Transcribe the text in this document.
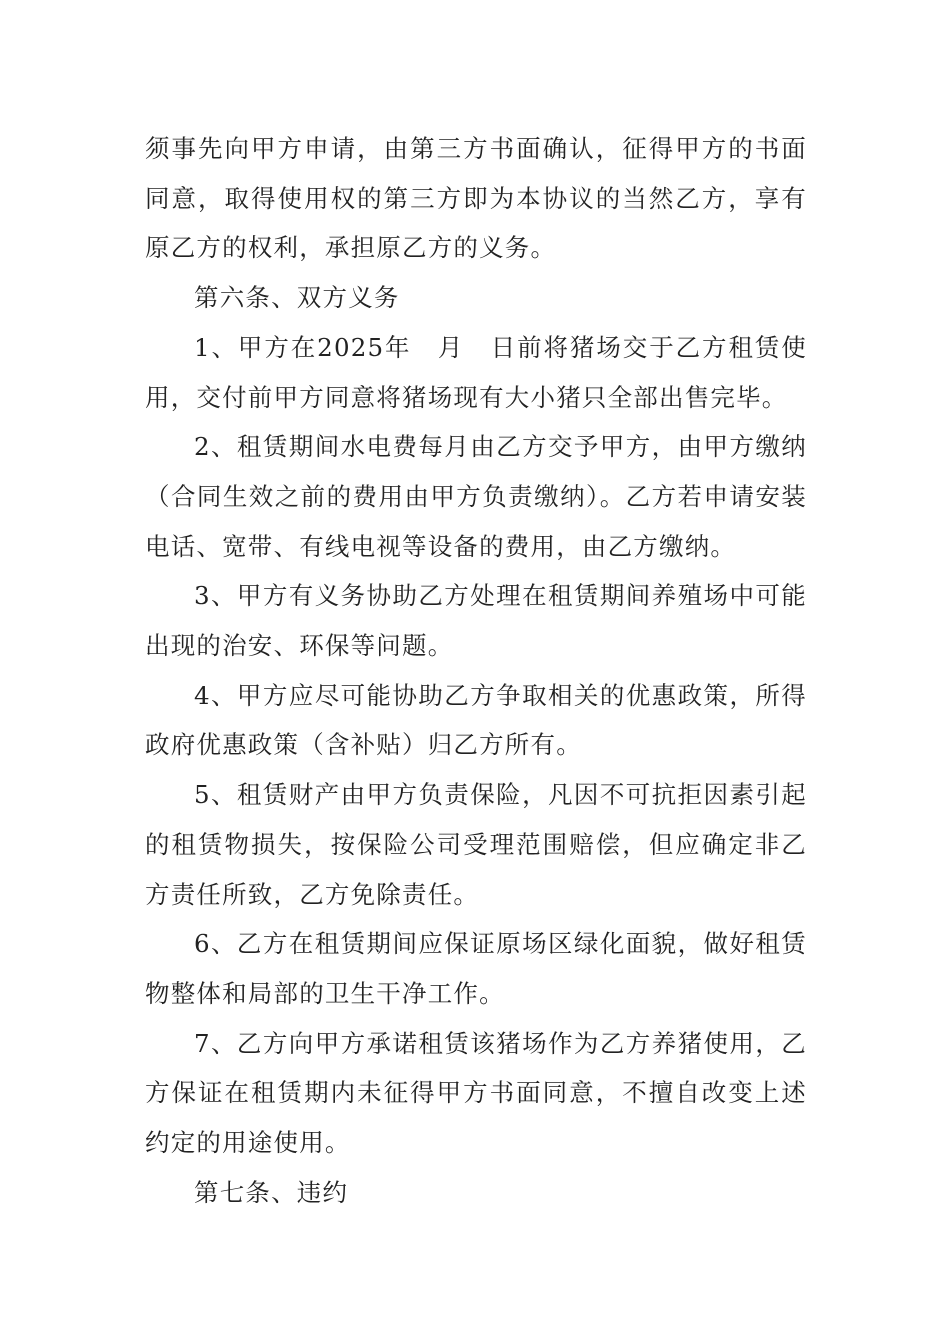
须事先向甲方申请，由第三方书面确认，征得甲方的书面同意，取得使用权的第三方即为本协议的当然乙方，享有原乙方的权利，承担原乙方的义务。

第六条、双方义务

1、甲方在2025年　月　日前将猪场交于乙方租赁使用，交付前甲方同意将猪场现有大小猪只全部出售完毕。

2、租赁期间水电费每月由乙方交予甲方，由甲方缴纳（合同生效之前的费用由甲方负责缴纳）。乙方若申请安装电话、宽带、有线电视等设备的费用，由乙方缴纳。

3、甲方有义务协助乙方处理在租赁期间养殖场中可能出现的治安、环保等问题。

4、甲方应尽可能协助乙方争取相关的优惠政策，所得政府优惠政策（含补贴）归乙方所有。

5、租赁财产由甲方负责保险，凡因不可抗拒因素引起的租赁物损失，按保险公司受理范围赔偿，但应确定非乙方责任所致，乙方免除责任。

6、乙方在租赁期间应保证原场区绿化面貌，做好租赁物整体和局部的卫生干净工作。

7、乙方向甲方承诺租赁该猪场作为乙方养猪使用，乙方保证在租赁期内未征得甲方书面同意，不擅自改变上述约定的用途使用。

第七条、违约
